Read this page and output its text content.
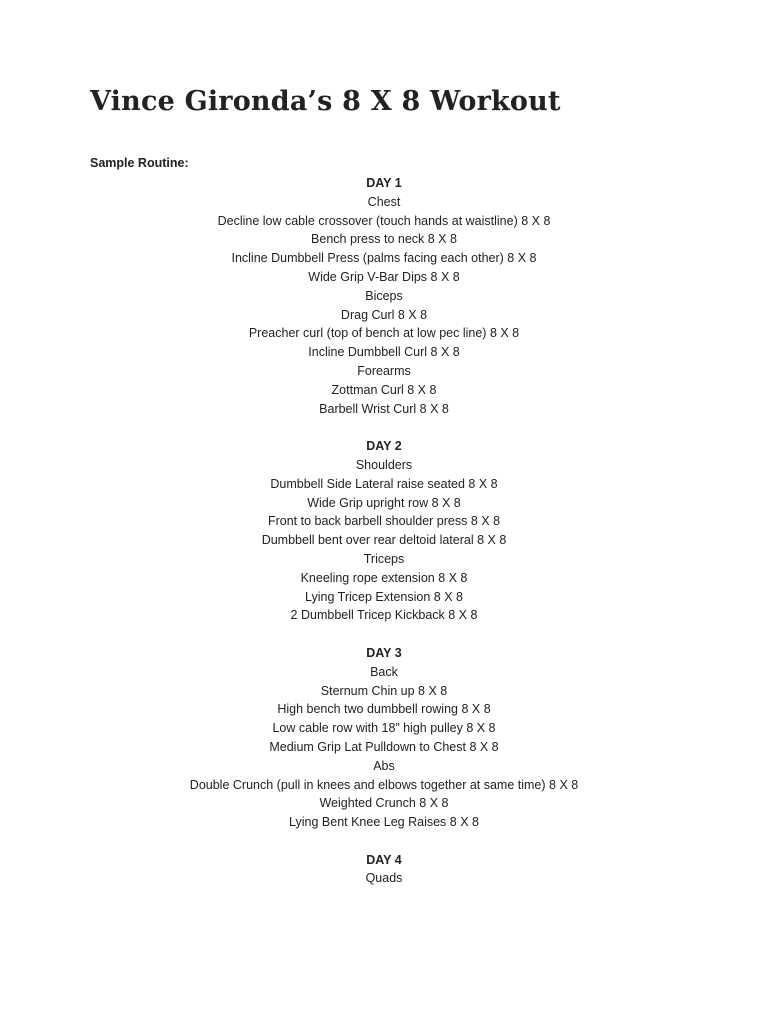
Vince Gironda’s 8 X 8 Workout
Sample Routine:
DAY 1
Chest
Decline low cable crossover (touch hands at waistline) 8 X 8
Bench press to neck 8 X 8
Incline Dumbbell Press (palms facing each other) 8 X 8
Wide Grip V-Bar Dips 8 X 8
Biceps
Drag Curl 8 X 8
Preacher curl (top of bench at low pec line) 8 X 8
Incline Dumbbell Curl 8 X 8
Forearms
Zottman Curl 8 X 8
Barbell Wrist Curl 8 X 8
DAY 2
Shoulders
Dumbbell Side Lateral raise seated 8 X 8
Wide Grip upright row 8 X 8
Front to back barbell shoulder press 8 X 8
Dumbbell bent over rear deltoid lateral 8 X 8
Triceps
Kneeling rope extension 8 X 8
Lying Tricep Extension 8 X 8
2 Dumbbell Tricep Kickback 8 X 8
DAY 3
Back
Sternum Chin up 8 X 8
High bench two dumbbell rowing 8 X 8
Low cable row with 18” high pulley 8 X 8
Medium Grip Lat Pulldown to Chest 8 X 8
Abs
Double Crunch (pull in knees and elbows together at same time) 8 X 8
Weighted Crunch 8 X 8
Lying Bent Knee Leg Raises 8 X 8
DAY 4
Quads
